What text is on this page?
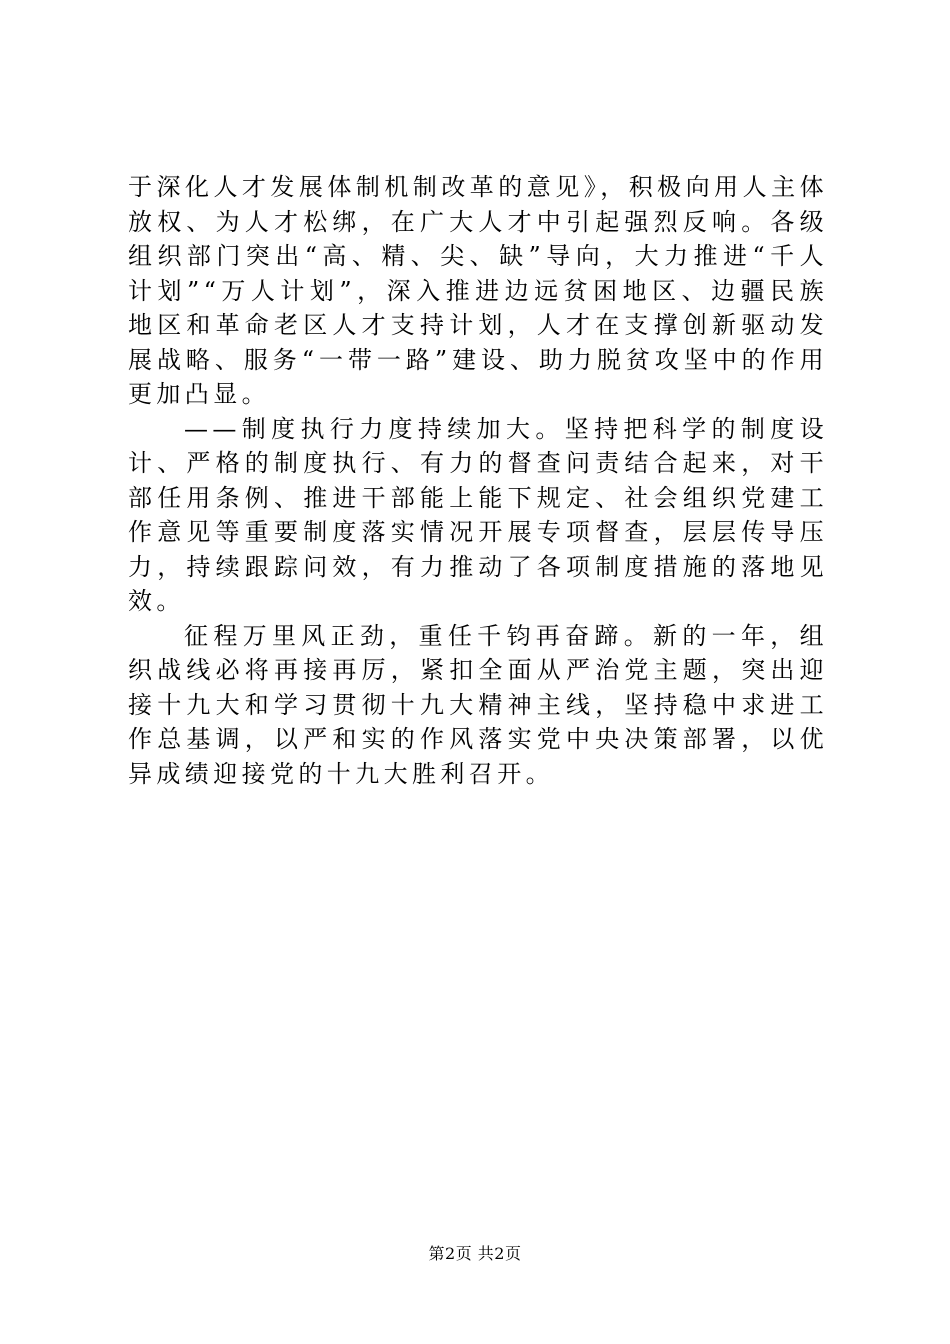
于深化人才发展体制机制改革的意见》，积极向用人主体放权、为人才松绑，在广大人才中引起强烈反响。各级组织部门突出“高、精、尖、缺”导向，大力推进“千人计划”“万人计划”，深入推进边远贫困地区、边疆民族地区和革命老区人才支持计划，人才在支撑创新驱动发展战略、服务“一带一路”建设、助力脱贫攻坚中的作用更加凸显。

——制度执行力度持续加大。坚持把科学的制度设计、严格的制度执行、有力的督查问责结合起来，对干部任用条例、推进干部能上能下规定、社会组织党建工作意见等重要制度落实情况开展专项督查，层层传导压力，持续跟踪问效，有力推动了各项制度措施的落地见效。

征程万里风正劲，重任千钧再奋蹄。新的一年，组织战线必将再接再厉，紧扣全面从严治党主题，突出迎接十九大和学习贯彻十九大精神主线，坚持稳中求进工作总基调，以严和实的作风落实党中央决策部署，以优异成绩迎接党的十九大胜利召开。

第2页 共2页
